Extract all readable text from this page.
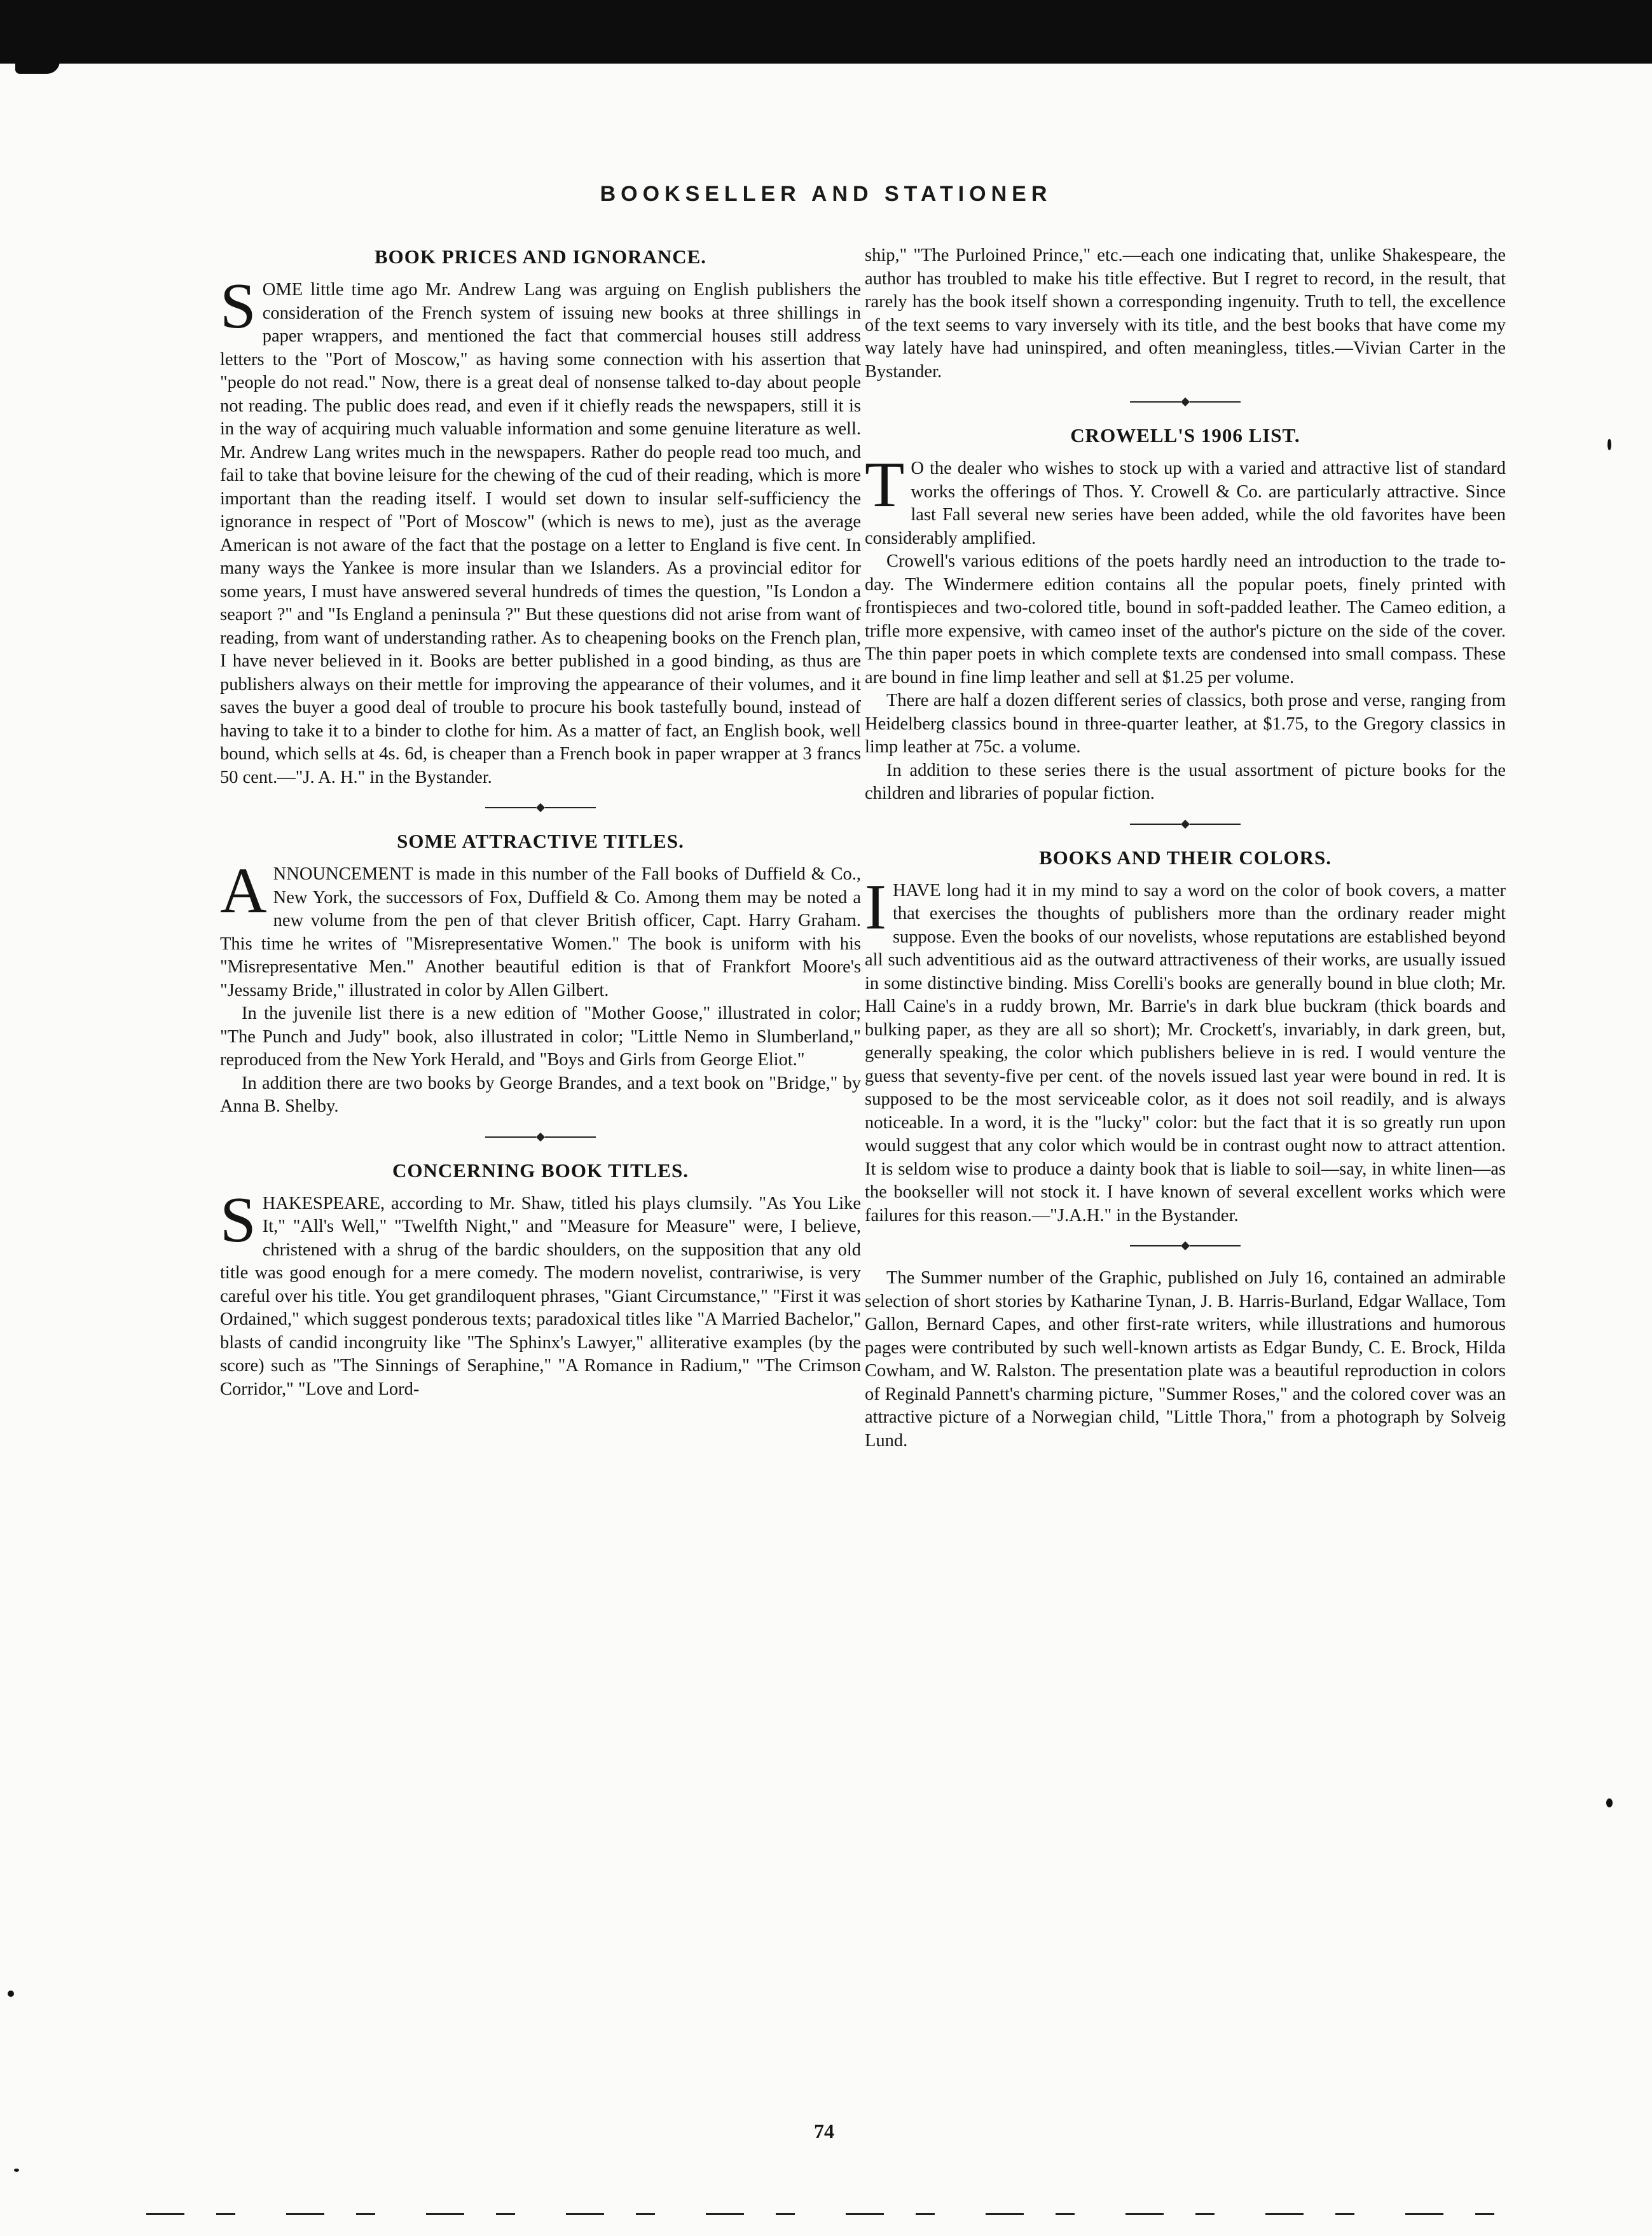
BOOKSELLER AND STATIONER
BOOK PRICES AND IGNORANCE.

SOME little time ago Mr. Andrew Lang was arguing on English publishers the consideration of the French system of issuing new books at three shillings in paper wrappers, and mentioned the fact that commercial houses still address letters to the "Port of Moscow," as having some connection with his assertion that "people do not read." Now, there is a great deal of nonsense talked to-day about people not reading. The public does read, and even if it chiefly reads the newspapers, still it is in the way of acquiring much valuable information and some genuine literature as well. Mr. Andrew Lang writes much in the newspapers. Rather do people read too much, and fail to take that bovine leisure for the chewing of the cud of their reading, which is more important than the reading itself. I would set down to insular self-sufficiency the ignorance in respect of "Port of Moscow" (which is news to me), just as the average American is not aware of the fact that the postage on a letter to England is five cent. In many ways the Yankee is more insular than we Islanders. As a provincial editor for some years, I must have answered several hundreds of times the question, "Is London a seaport ?" and "Is England a peninsula ?" But these questions did not arise from want of reading, from want of understanding rather. As to cheapening books on the French plan, I have never believed in it. Books are better published in a good binding, as thus are publishers always on their mettle for improving the appearance of their volumes, and it saves the buyer a good deal of trouble to procure his book tastefully bound, instead of having to take it to a binder to clothe for him. As a matter of fact, an English book, well bound, which sells at 4s. 6d, is cheaper than a French book in paper wrapper at 3 francs 50 cent.—"J. A. H." in the Bystander.

SOME ATTRACTIVE TITLES.

ANNOUNCEMENT is made in this number of the Fall books of Duffield & Co., New York, the successors of Fox, Duffield & Co. Among them may be noted a new volume from the pen of that clever British officer, Capt. Harry Graham. This time he writes of "Misrepresentative Women." The book is uniform with his "Misrepresentative Men." Another beautiful edition is that of Frankfort Moore's "Jessamy Bride," illustrated in color by Allen Gilbert.

In the juvenile list there is a new edition of "Mother Goose," illustrated in color; "The Punch and Judy" book, also illustrated in color; "Little Nemo in Slumberland," reproduced from the New York Herald, and "Boys and Girls from George Eliot."

In addition there are two books by George Brandes, and a text book on "Bridge," by Anna B. Shelby.

CONCERNING BOOK TITLES.

SHAKESPEARE, according to Mr. Shaw, titled his plays clumsily. "As You Like It," "All's Well," "Twelfth Night," and "Measure for Measure" were, I believe, christened with a shrug of the bardic shoulders, on the supposition that any old title was good enough for a mere comedy. The modern novelist, contrariwise, is very careful over his title. You get grandiloquent phrases, "Giant Circumstance," "First it was Ordained," which suggest ponderous texts; paradoxical titles like "A Married Bachelor," blasts of candid incongruity like "The Sphinx's Lawyer," alliterative examples (by the score) such as "The Sinnings of Seraphine," "A Romance in Radium," "The Crimson Corridor," "Love and Lord-

ship," "The Purloined Prince," etc.—each one indicating that, unlike Shakespeare, the author has troubled to make his title effective. But I regret to record, in the result, that rarely has the book itself shown a corresponding ingenuity. Truth to tell, the excellence of the text seems to vary inversely with its title, and the best books that have come my way lately have had uninspired, and often meaningless, titles.—Vivian Carter in the Bystander.

CROWELL'S 1906 LIST.

T O the dealer who wishes to stock up with a varied and attractive list of standard works the offerings of Thos. Y. Crowell & Co. are particularly attractive. Since last Fall several new series have been added, while the old favorites have been considerably amplified.

Crowell's various editions of the poets hardly need an introduction to the trade to-day. The Windermere edition contains all the popular poets, finely printed with frontispieces and two-colored title, bound in soft-padded leather. The Cameo edition, a trifle more expensive, with cameo inset of the author's picture on the side of the cover. The thin paper poets in which complete texts are condensed into small compass. These are bound in fine limp leather and sell at $1.25 per volume.

There are half a dozen different series of classics, both prose and verse, ranging from Heidelberg classics bound in three-quarter leather, at $1.75, to the Gregory classics in limp leather at 75c. a volume.

In addition to these series there is the usual assortment of picture books for the children and libraries of popular fiction.

BOOKS AND THEIR COLORS.

IHAVE long had it in my mind to say a word on the color of book covers, a matter that exercises the thoughts of publishers more than the ordinary reader might suppose. Even the books of our novelists, whose reputations are established beyond all such adventitious aid as the outward attractiveness of their works, are usually issued in some distinctive binding. Miss Corelli's books are generally bound in blue cloth; Mr. Hall Caine's in a ruddy brown, Mr. Barrie's in dark blue buckram (thick boards and bulking paper, as they are all so short); Mr. Crockett's, invariably, in dark green, but, generally speaking, the color which publishers believe in is red. I would venture the guess that seventy-five per cent. of the novels issued last year were bound in red. It is supposed to be the most serviceable color, as it does not soil readily, and is always noticeable. In a word, it is the "lucky" color: but the fact that it is so greatly run upon would suggest that any color which would be in contrast ought now to attract attention. It is seldom wise to produce a dainty book that is liable to soil—say, in white linen—as the bookseller will not stock it. I have known of several excellent works which were failures for this reason.—"J.A.H." in the Bystander.

The Summer number of the Graphic, published on July 16, contained an admirable selection of short stories by Katharine Tynan, J. B. Harris-Burland, Edgar Wallace, Tom Gallon, Bernard Capes, and other first-rate writers, while illustrations and humorous pages were contributed by such well-known artists as Edgar Bundy, C. E. Brock, Hilda Cowham, and W. Ralston. The presentation plate was a beautiful reproduction in colors of Reginald Pannett's charming picture, "Summer Roses," and the colored cover was an attractive picture of a Norwegian child, "Little Thora," from a photograph by Solveig Lund.

74
